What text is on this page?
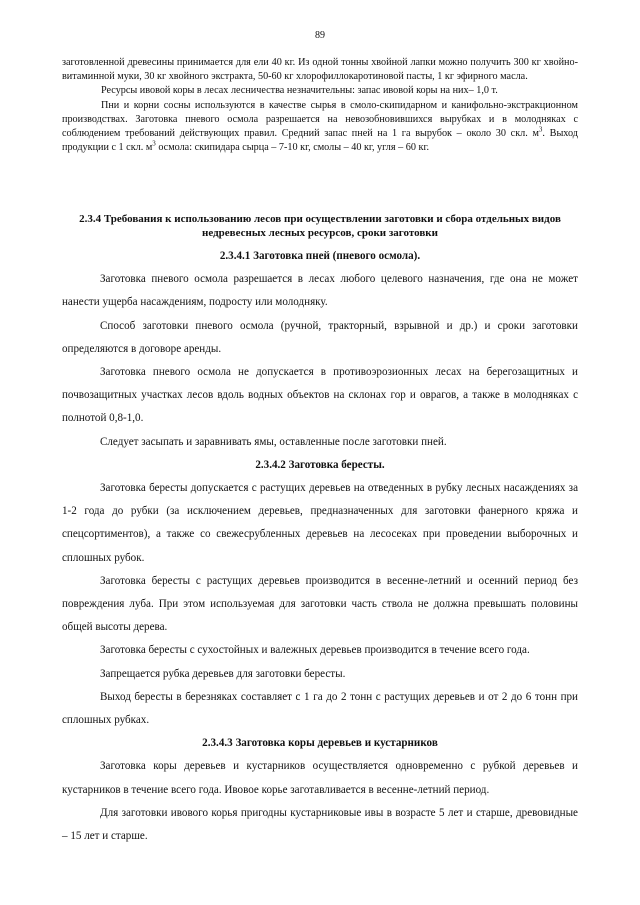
89

заготовленной древесины принимается для ели 40 кг. Из одной тонны хвойной лапки можно получить 300 кг хвойно-витаминной муки, 30 кг хвойного экстракта, 50-60 кг хлорофиллокаротиновой пасты, 1 кг эфирного масла.

Ресурсы ивовой коры в лесах лесничества незначительны: запас ивовой коры на них– 1,0 т.

Пни и корни сосны используются в качестве сырья в смоло-скипидарном и канифольно-экстракционном производствах. Заготовка пневого осмола разрешается на невозобновившихся вырубках и в молодняках с соблюдением требований действующих правил. Средний запас пней на 1 га вырубок – около 30 скл. $м^3$. Выход продукции с 1 скл. $м^3$ осмола: скипидара сырца – 7-10 кг, смолы – 40 кг, угля – 60 кг.

2.3.4 Требования к использованию лесов при осуществлении заготовки и сбора отдельных видов недревесных лесных ресурсов, сроки заготовки

2.3.4.1 Заготовка пней (пневого осмола).

Заготовка пневого осмола разрешается в лесах любого целевого назначения, где она не может нанести ущерба насаждениям, подросту или молодняку.

Способ заготовки пневого осмола (ручной, тракторный, взрывной и др.) и сроки заготовки определяются в договоре аренды.

Заготовка пневого осмола не допускается в противоэрозионных лесах на берегозащитных и почвозащитных участках лесов вдоль водных объектов на склонах гор и оврагов, а также в молодняках с полнотой 0,8-1,0.

Следует засыпать и заравнивать ямы, оставленные после заготовки пней.

2.3.4.2 Заготовка бересты.

Заготовка бересты допускается с растущих деревьев на отведенных в рубку лесных насаждениях за 1-2 года до рубки (за исключением деревьев, предназначенных для заготовки фанерного кряжа и спецсортиментов), а также со свежесрубленных деревьев на лесосеках при проведении выборочных и сплошных рубок.

Заготовка бересты с растущих деревьев производится в весенне-летний и осенний период без повреждения луба. При этом используемая для заготовки часть ствола не должна превышать половины общей высоты дерева.

Заготовка бересты с сухостойных и валежных деревьев производится в течение всего года.

Запрещается рубка деревьев для заготовки бересты.

Выход бересты в березняках составляет с 1 га до 2 тонн с растущих деревьев и от 2 до 6 тонн при сплошных рубках.

2.3.4.3 Заготовка коры деревьев и кустарников

Заготовка коры деревьев и кустарников осуществляется одновременно с рубкой деревьев и кустарников в течение всего года. Ивовое корье заготавливается в весенне-летний период.

Для заготовки ивового корья пригодны кустарниковые ивы в возрасте 5 лет и старше, древовидные – 15 лет и старше.
